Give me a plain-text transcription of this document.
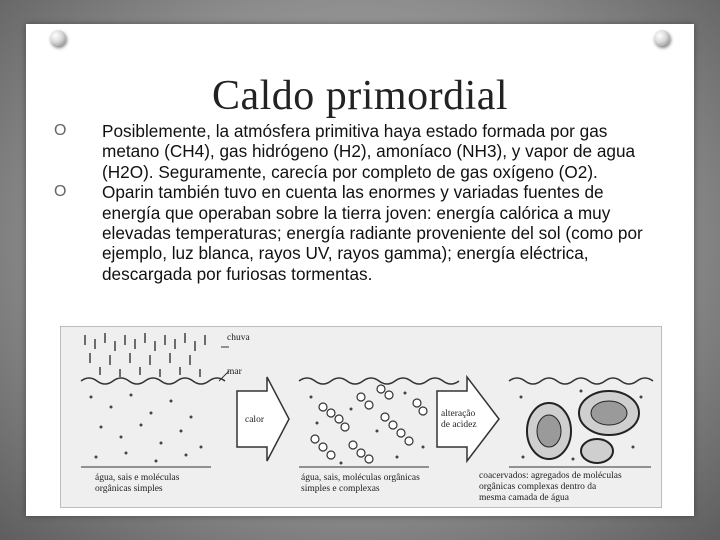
Caldo primordial

O Posiblemente, la atmósfera primitiva haya estado formada por gas metano (CH4), gas hidrógeno (H2), amoníaco (NH3), y vapor de agua (H2O). Seguramente, carecía por completo de gas oxígeno (O2).

O Oparin también tuvo en cuenta las enormes y variadas fuentes de energía que operaban sobre la tierra joven: energía calórica a muy elevadas temperaturas; energía radiante proveniente del sol (como por ejemplo, luz blanca, rayos UV, rayos gamma); energía eléctrica, descargada por furiosas tormentas.

chuva
mar
calor
alteração
de acidez
água, sais e moléculas
orgânicas simples
água, sais, moléculas orgânicas
simples e complexas
coacervados: agregados de moléculas
orgânicas complexas dentro da
mesma camada de água
